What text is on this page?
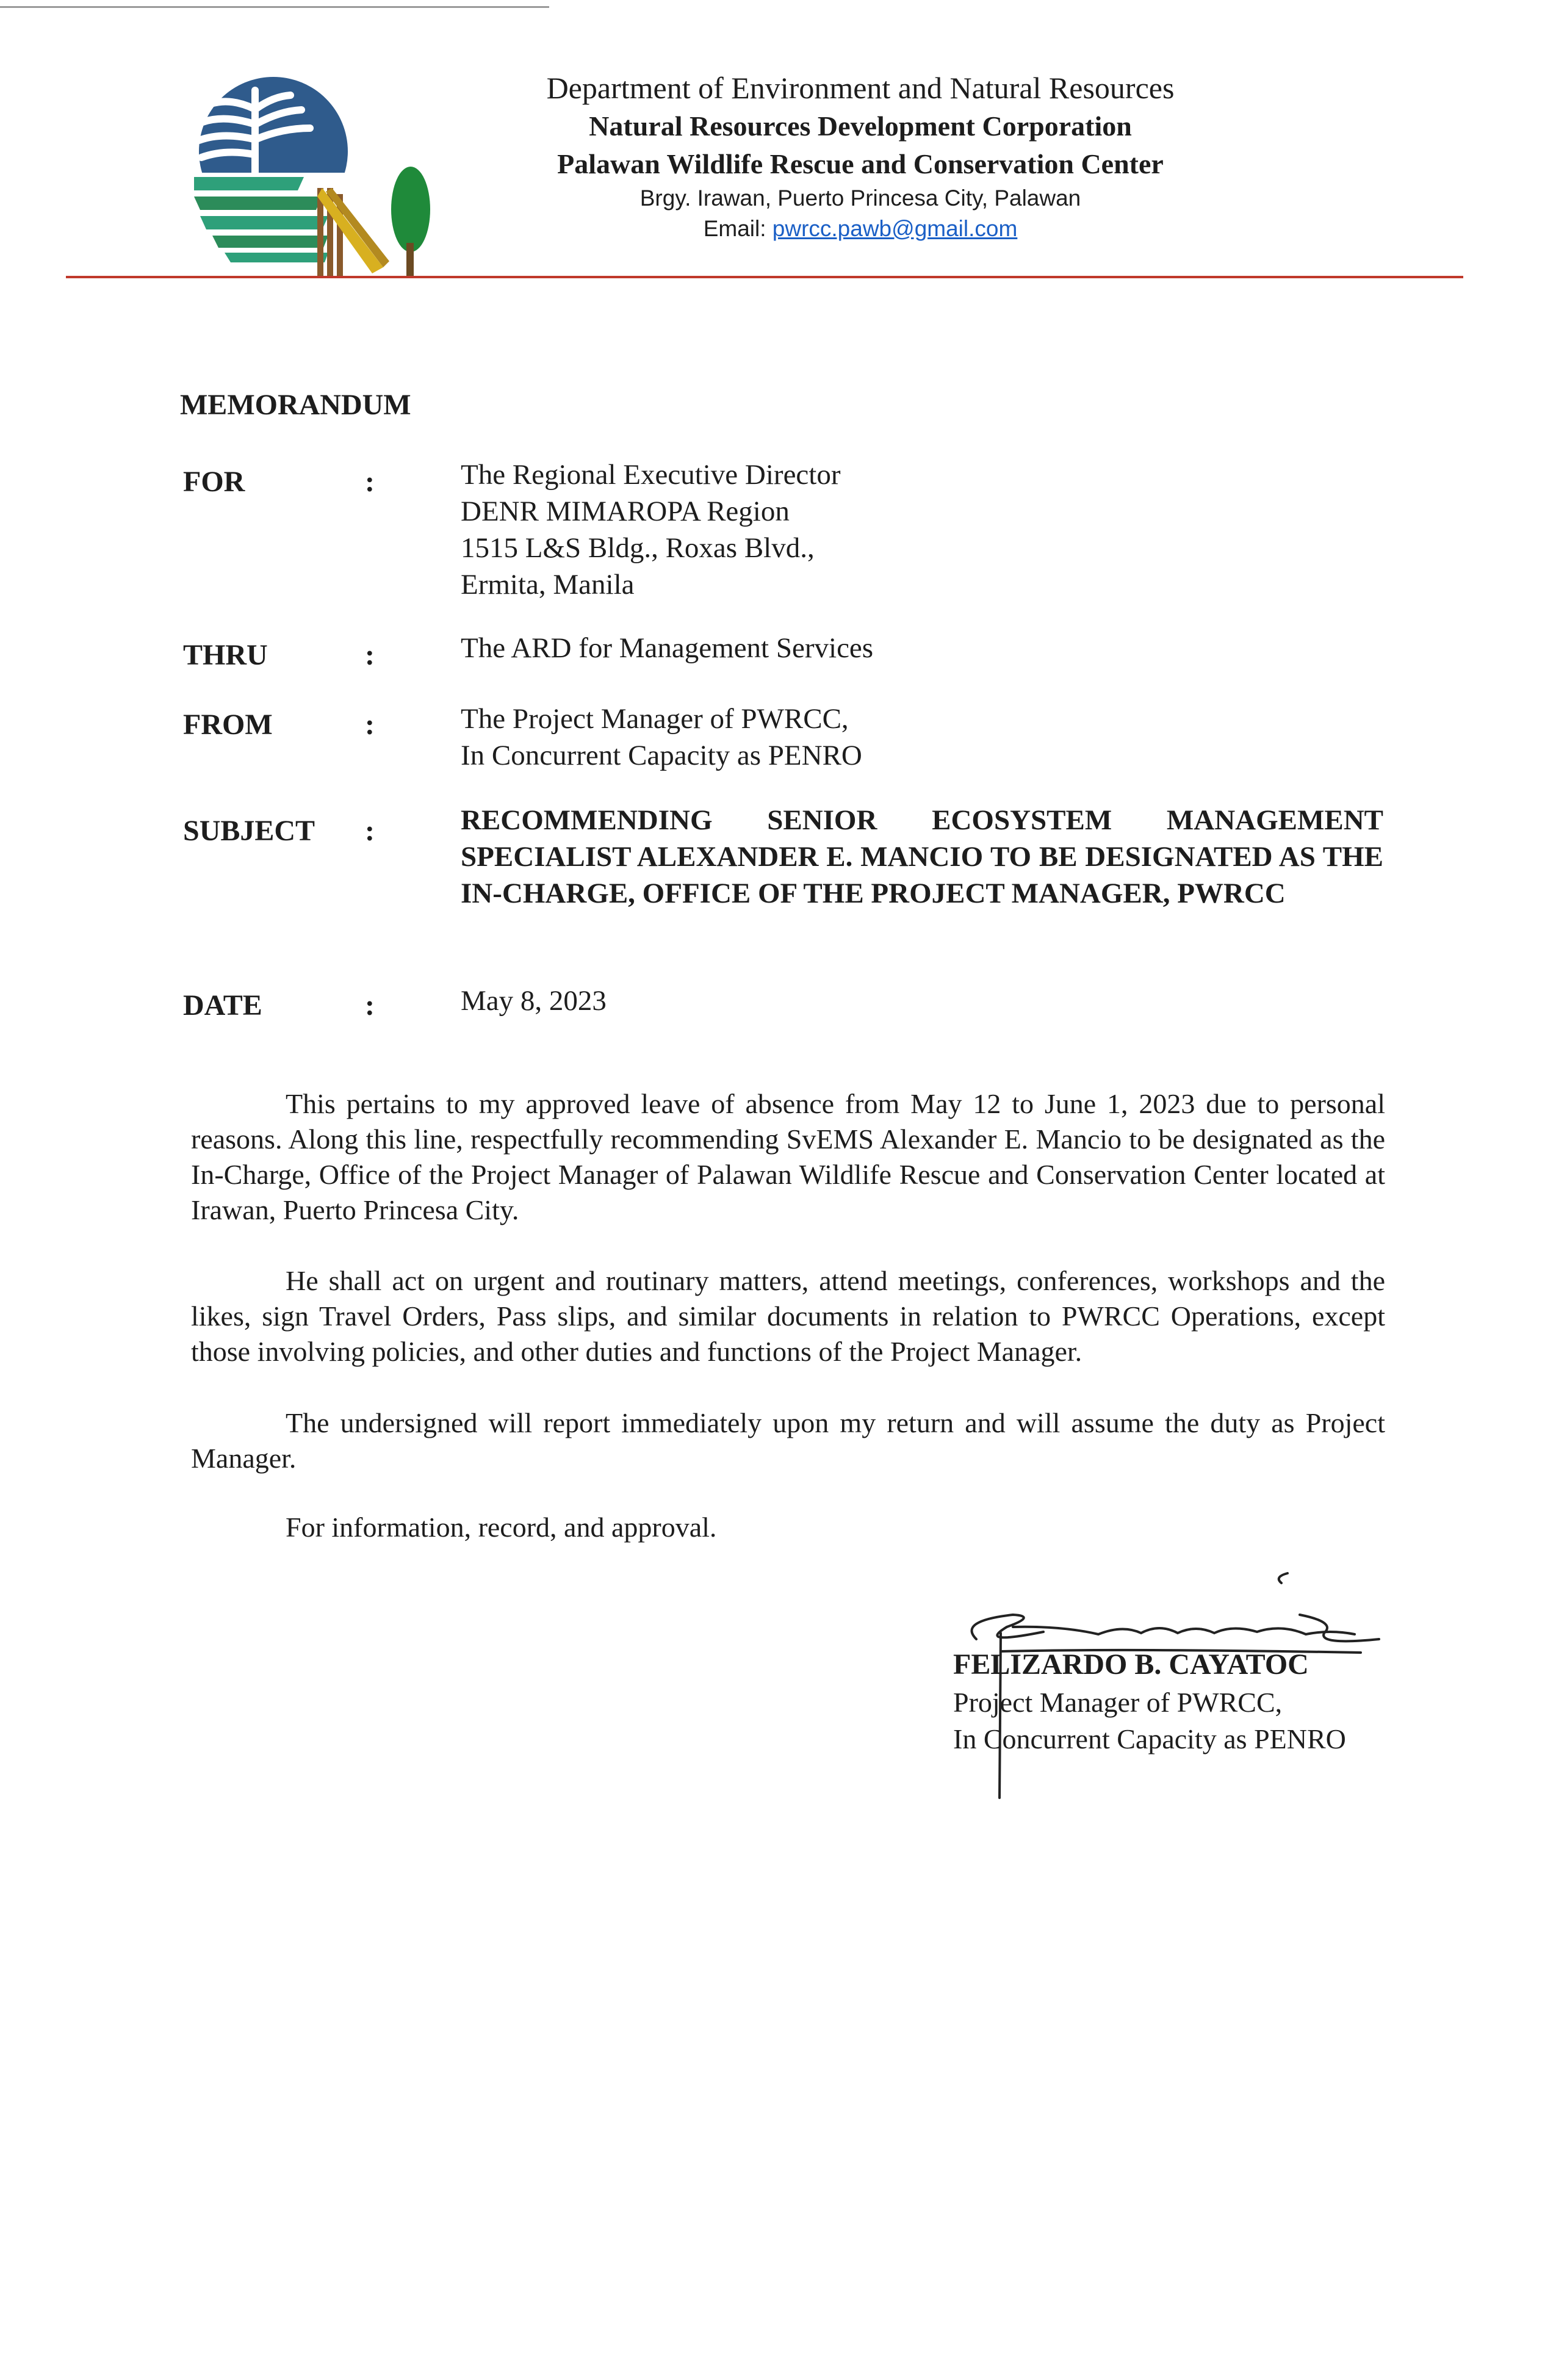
Department of Environment and Natural Resources
Natural Resources Development Corporation
Palawan Wildlife Rescue and Conservation Center
Brgy. Irawan, Puerto Princesa City, Palawan
Email: pwrcc.pawb@gmail.com
MEMORANDUM
FOR	:	The Regional Executive Director
DENR MIMAROPA Region
1515 L&S Bldg., Roxas Blvd.,
Ermita, Manila
THRU	:	The ARD for Management Services
FROM	:	The Project Manager of PWRCC,
In Concurrent Capacity as PENRO
SUBJECT :	RECOMMENDING SENIOR ECOSYSTEM MANAGEMENT SPECIALIST ALEXANDER E. MANCIO TO BE DESIGNATED AS THE IN-CHARGE, OFFICE OF THE PROJECT MANAGER, PWRCC
DATE	:	May 8, 2023
This pertains to my approved leave of absence from May 12 to June 1, 2023 due to personal reasons. Along this line, respectfully recommending SvEMS Alexander E. Mancio to be designated as the In-Charge, Office of the Project Manager of Palawan Wildlife Rescue and Conservation Center located at Irawan, Puerto Princesa City.
He shall act on urgent and routinary matters, attend meetings, conferences, workshops and the likes, sign Travel Orders, Pass slips, and similar documents in relation to PWRCC Operations, except those involving policies, and other duties and functions of the Project Manager.
The undersigned will report immediately upon my return and will assume the duty as Project Manager.
For information, record, and approval.
FELIZARDO B. CAYATOC
Project Manager of PWRCC,
In Concurrent Capacity as PENRO
